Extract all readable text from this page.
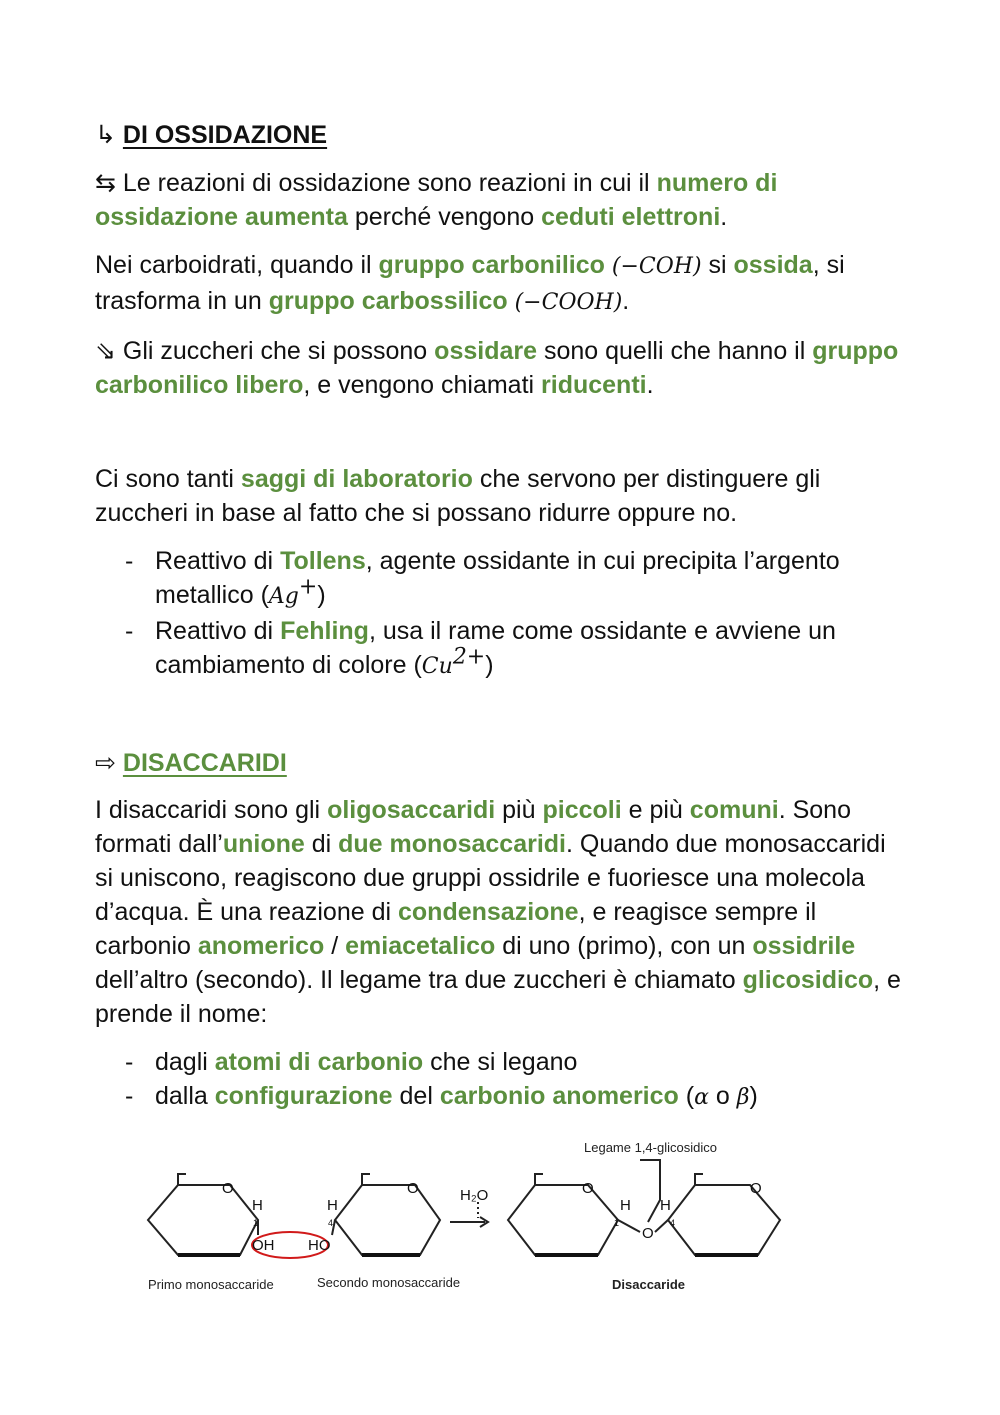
↳ DI OSSIDAZIONE

⇆ Le reazioni di ossidazione sono reazioni in cui il numero di ossidazione aumenta perché vengono ceduti elettroni.

Nei carboidrati, quando il gruppo carbonilico (−COH) si ossida, si trasforma in un gruppo carbossilico (−COOH).

⇘ Gli zuccheri che si possono ossidare sono quelli che hanno il gruppo carbonilico libero, e vengono chiamati riducenti.

Ci sono tanti saggi di laboratorio che servono per distinguere gli zuccheri in base al fatto che si possano ridurre oppure no.

- Reattivo di Tollens, agente ossidante in cui precipita l’argento metallico (Ag+)
- Reattivo di Fehling, usa il rame come ossidante e avviene un cambiamento di colore $(Cu^{2+})$

⇨ DISACCARIDI

I disaccaridi sono gli oligosaccaridi più piccoli e più comuni. Sono formati dall’unione di due monosaccaridi. Quando due monosaccaridi si uniscono, reagiscono due gruppi ossidrile e fuoriesce una molecola d’acqua. È una reazione di condensazione, e reagisce sempre il carbonio anomerico / emiacetalico di uno (primo), con un ossidrile dell’altro (secondo). Il legame tra due zuccheri è chiamato glicosidico, e prende il nome:

- dagli atomi di carbonio che si legano
- dalla configurazione del carbonio anomerico (α o β)
O
H
OH HO
H
O	H₂O	O
H H
O
O
1	4	1	4
Legame 1,4-glicosidico
Primo monosaccaride	Secondo monosaccaride	Disaccaride
